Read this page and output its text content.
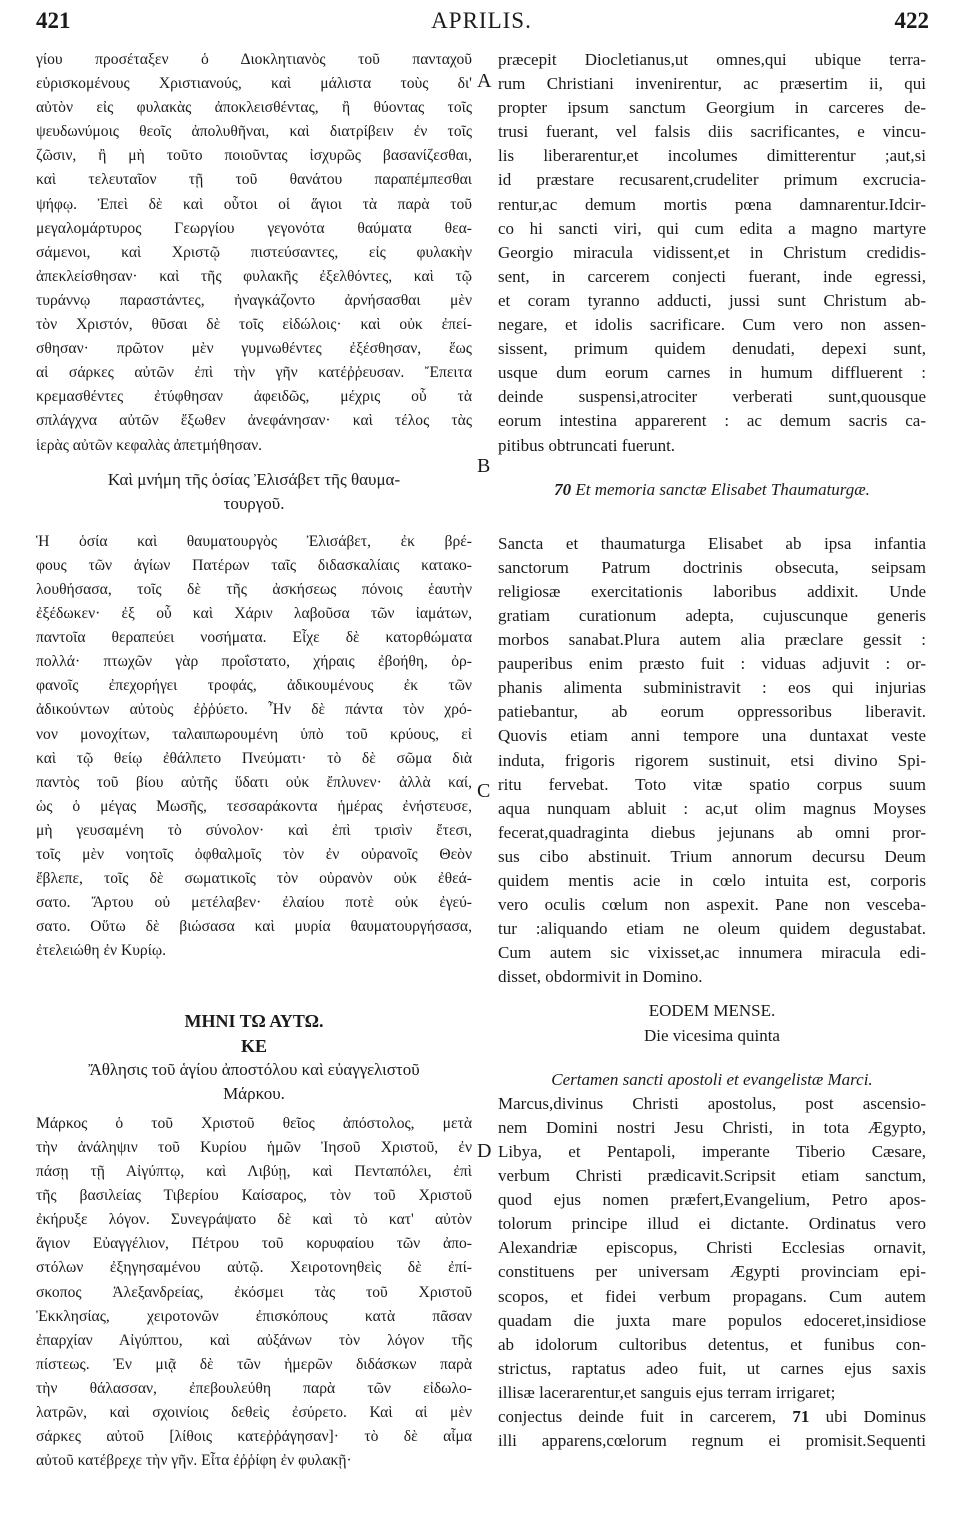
421	APRILIS.	422
A
B
C
D
γίου προσέταξεν ὁ Διοκλητιανὸς τοῦ πανταχοῦ
εὑρισκομένους Χριστιανούς, καὶ μάλιστα τοὺς δι'
αὐτὸν εἰς φυλακὰς ἀποκλεισθέντας, ἢ θύοντας τοῖς
ψευδωνύμοις θεοῖς ἀπολυθῆναι, καὶ διατρίβειν ἐν τοῖς
ζῶσιν, ἢ μὴ τοῦτο ποιοῦντας ἰσχυρῶς βασανίζεσθαι,
καὶ τελευταῖον τῇ τοῦ θανάτου παραπέμπεσθαι
ψήφῳ. Ἐπεὶ δὲ καὶ οὗτοι οἱ ἅγιοι τὰ παρὰ τοῦ
μεγαλομάρτυρος Γεωργίου γεγονότα θαύματα θεα-
σάμενοι, καὶ Χριστῷ πιστεύσαντες, εἰς φυλακὴν
ἀπεκλείσθησαν· καὶ τῆς φυλακῆς ἐξελθόντες, καὶ τῷ
τυράννῳ παραστάντες, ἠναγκάζοντο ἀρνήσασθαι μὲν
τὸν Χριστόν, θῦσαι δὲ τοῖς εἰδώλοις· καὶ οὐκ ἐπεί-
σθησαν· πρῶτον μὲν γυμνωθέντες ἐξέσθησαν, ἕως
αἱ σάρκες αὐτῶν ἐπὶ τὴν γῆν κατέῤῥευσαν. Ἔπειτα
κρεμασθέντες ἐτύφθησαν ἀφειδῶς, μέχρις οὗ τὰ
σπλάγχνα αὐτῶν ἔξωθεν ἀνεφάνησαν· καὶ τέλος τὰς
ἱερὰς αὐτῶν κεφαλὰς ἀπετμήθησαν.
Καὶ μνήμη τῆς ὁσίας Ἐλισάβετ τῆς θαυμα-
τουργοῦ.
Ἡ ὁσία καὶ θαυματουργὸς Ἐλισάβετ, ἐκ βρέ-
φους τῶν ἁγίων Πατέρων ταῖς διδασκαλίαις κατακο-
λουθήσασα, τοῖς δὲ τῆς ἀσκήσεως πόνοις ἑαυτὴν
ἐξέδωκεν· ἐξ οὗ καὶ Χάριν λαβοῦσα τῶν ἰαμάτων,
παντοῖα θεραπεύει νοσήματα. Εἶχε δὲ κατορθώματα
πολλά· πτωχῶν γὰρ προΐστατο, χήραις ἐβοήθη, ὀρ-
φανοῖς ἐπεχορήγει τροφάς, ἀδικουμένους ἐκ τῶν
ἀδικούντων αὐτοὺς ἐῤῥύετο. Ἦν δὲ πάντα τὸν χρό-
νον μονοχίτων, ταλαιπωρουμένη ὑπὸ τοῦ κρύους, εἰ
καὶ τῷ θείῳ ἐθάλπετο Πνεύματι· τὸ δὲ σῶμα διὰ
παντὸς τοῦ βίου αὐτῆς ὕδατι οὐκ ἔπλυνεν· ἀλλὰ καί,
ὡς ὁ μέγας Μωσῆς, τεσσαράκοντα ἡμέρας ἐνήστευσε,
μὴ γευσαμένη τὸ σύνολον· καὶ ἐπὶ τρισὶν ἔτεσι,
τοῖς μὲν νοητοῖς ὀφθαλμοῖς τὸν ἐν οὐρανοῖς Θεὸν
ἔβλεπε, τοῖς δὲ σωματικοῖς τὸν οὐρανὸν οὐκ ἐθεά-
σατο. Ἄρτου οὐ μετέλαβεν· ἐλαίου ποτὲ οὐκ ἐγεύ-
σατο. Οὕτω δὲ βιώσασα καὶ μυρία θαυματουργήσασα,
ἐτελειώθη ἐν Κυρίῳ.
ΜΗΝΙ ΤΩ ΑΥΤΩ.
ΚΕ
Ἄθλησις τοῦ ἁγίου ἀποστόλου καὶ εὐαγγελιστοῦ
Μάρκου.
Μάρκος ὁ τοῦ Χριστοῦ θεῖος ἀπόστολος, μετὰ
τὴν ἀνάληψιν τοῦ Κυρίου ἡμῶν Ἰησοῦ Χριστοῦ, ἐν
πάσῃ τῇ Αἰγύπτῳ, καὶ Λιβύῃ, καὶ Πενταπόλει, ἐπὶ
τῆς βασιλείας Τιβερίου Καίσαρος, τὸν τοῦ Χριστοῦ
ἐκήρυξε λόγον. Συνεγράψατο δὲ καὶ τὸ κατ' αὐτὸν
ἅγιον Εὐαγγέλιον, Πέτρου τοῦ κορυφαίου τῶν ἀπο-
στόλων ἐξηγησαμένου αὐτῷ. Χειροτονηθεὶς δὲ ἐπί-
σκοπος Ἀλεξανδρείας, ἐκόσμει τὰς τοῦ Χριστοῦ
Ἐκκλησίας, χειροτονῶν ἐπισκόπους κατὰ πᾶσαν
ἐπαρχίαν Αἰγύπτου, καὶ αὐξάνων τὸν λόγον τῆς
πίστεως. Ἐν μιᾷ δὲ τῶν ἡμερῶν διδάσκων παρὰ
τὴν θάλασσαν, ἐπεβουλεύθη παρὰ τῶν εἰδωλο-
λατρῶν, καὶ σχοινίοις δεθεὶς ἐσύρετο. Καὶ αἱ μὲν
σάρκες αὐτοῦ [λίθοις κατεῤῥάγησαν]· τὸ δὲ αἷμα
αὐτοῦ κατέβρεχε τὴν γῆν. Εἶτα ἐῤῥίφη ἐν φυλακῇ·
præcepit Diocletianus,ut omnes,qui ubique terra-
rum Christiani invenirentur, ac præsertim ii, qui
propter ipsum sanctum Georgium in carceres de-
trusi fuerant, vel falsis diis sacrificantes, e vincu-
lis liberarentur,et incolumes dimitterentur ;aut,si
id præstare recusarent,crudeliter primum excrucia-
rentur,ac demum mortis pœna damnarentur.Idcir-
co hi sancti viri, qui cum edita a magno martyre
Georgio miracula vidissent,et in Christum credidis-
sent, in carcerem conjecti fuerant, inde egressi,
et coram tyranno adducti, jussi sunt Christum ab-
negare, et idolis sacrificare. Cum vero non assen-
sissent, primum quidem denudati, depexi sunt,
usque dum eorum carnes in humum diffluerent :
deinde suspensi,atrociter verberati sunt,quousque
eorum intestina apparerent : ac demum sacris ca-
pitibus obtruncati fuerunt.
70 Et memoria sanctæ Elisabet Thaumaturgæ.
Sancta et thaumaturga Elisabet ab ipsa infantia
sanctorum Patrum doctrinis obsecuta, seipsam
religiosæ exercitationis laboribus addixit. Unde
gratiam curationum adepta, cujuscunque generis
morbos sanabat.Plura autem alia præclare gessit :
pauperibus enim præsto fuit : viduas adjuvit : or-
phanis alimenta subministravit : eos qui injurias
patiebantur, ab eorum oppressoribus liberavit.
Quovis etiam anni tempore una duntaxat veste
induta, frigoris rigorem sustinuit, etsi divino Spi-
ritu fervebat. Toto vitæ spatio corpus suum
aqua nunquam abluit : ac,ut olim magnus Moyses
fecerat,quadraginta diebus jejunans ab omni pror-
sus cibo abstinuit. Trium annorum decursu Deum
quidem mentis acie in cœlo intuita est, corporis
vero oculis cœlum non aspexit. Pane non vesceba-
tur :aliquando etiam ne oleum quidem degustabat.
Cum autem sic vixisset,ac innumera miracula edi-
disset, obdormivit in Domino.
EODEM MENSE.
Die vicesima quinta
Certamen sancti apostoli et evangelistæ Marci.
Marcus,divinus Christi apostolus, post ascensio-
nem Domini nostri Jesu Christi, in tota Ægypto,
Libya, et Pentapoli, imperante Tiberio Cæsare,
verbum Christi prædicavit.Scripsit etiam sanctum,
quod ejus nomen præfert,Evangelium, Petro apos-
tolorum principe illud ei dictante. Ordinatus vero
Alexandriæ episcopus, Christi Ecclesias ornavit,
constituens per universam Ægypti provinciam epi-
scopos, et fidei verbum propagans. Cum autem
quadam die juxta mare populos edoceret,insidiose
ab idolorum cultoribus detentus, et funibus con-
strictus, raptatus adeo fuit, ut carnes ejus saxis
illisæ lacerarentur,et sanguis ejus terram irrigaret;
conjectus deinde fuit in carcerem, 71 ubi Dominus
illi apparens,cœlorum regnum ei promisit.Sequenti
